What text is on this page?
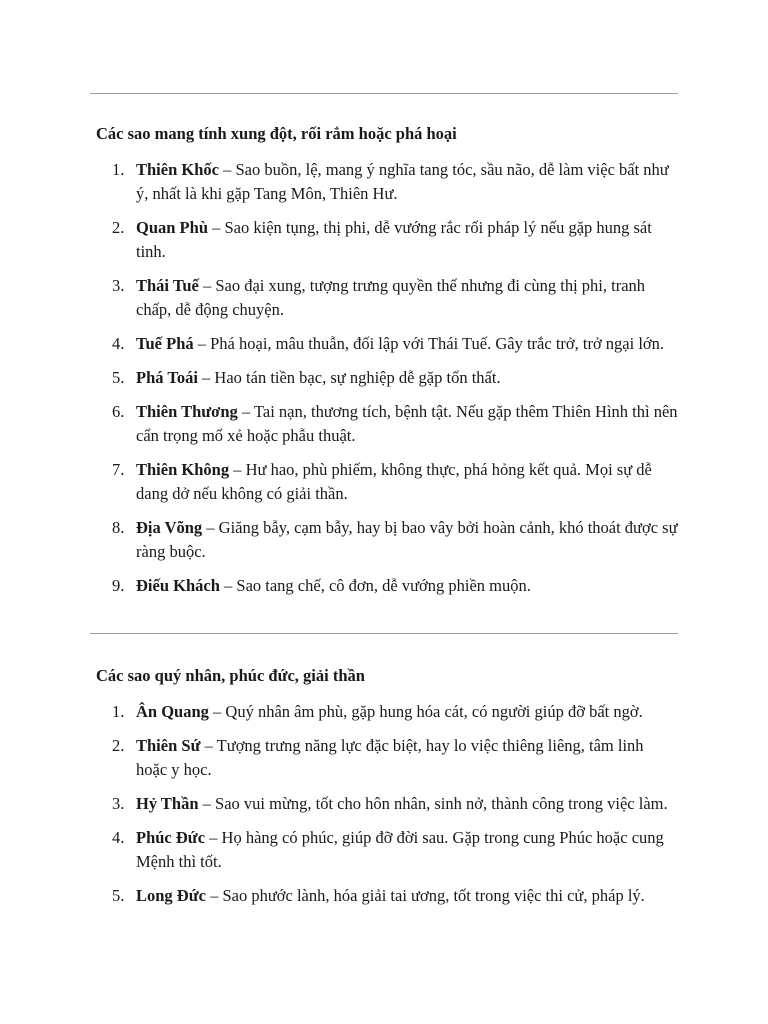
Các sao mang tính xung đột, rối rắm hoặc phá hoại
1. Thiên Khốc – Sao buồn, lệ, mang ý nghĩa tang tóc, sầu não, dễ làm việc bất như ý, nhất là khi gặp Tang Môn, Thiên Hư.
2. Quan Phù – Sao kiện tụng, thị phi, dễ vướng rắc rối pháp lý nếu gặp hung sát tinh.
3. Thái Tuế – Sao đại xung, tượng trưng quyền thế nhưng đi cùng thị phi, tranh chấp, dễ động chuyện.
4. Tuế Phá – Phá hoại, mâu thuẫn, đối lập với Thái Tuế. Gây trắc trở, trở ngại lớn.
5. Phá Toái – Hao tán tiền bạc, sự nghiệp dễ gặp tổn thất.
6. Thiên Thương – Tai nạn, thương tích, bệnh tật. Nếu gặp thêm Thiên Hình thì nên cẩn trọng mổ xẻ hoặc phẫu thuật.
7. Thiên Không – Hư hao, phù phiếm, không thực, phá hỏng kết quả. Mọi sự dễ dang dở nếu không có giải thần.
8. Địa Võng – Giăng bẫy, cạm bẫy, hay bị bao vây bởi hoàn cảnh, khó thoát được sự ràng buộc.
9. Điếu Khách – Sao tang chế, cô đơn, dễ vướng phiền muộn.
Các sao quý nhân, phúc đức, giải thần
1. Ân Quang – Quý nhân âm phù, gặp hung hóa cát, có người giúp đỡ bất ngờ.
2. Thiên Sứ – Tượng trưng năng lực đặc biệt, hay lo việc thiêng liêng, tâm linh hoặc y học.
3. Hỷ Thần – Sao vui mừng, tốt cho hôn nhân, sinh nở, thành công trong việc làm.
4. Phúc Đức – Họ hàng có phúc, giúp đỡ đời sau. Gặp trong cung Phúc hoặc cung Mệnh thì tốt.
5. Long Đức – Sao phước lành, hóa giải tai ương, tốt trong việc thi cử, pháp lý.
